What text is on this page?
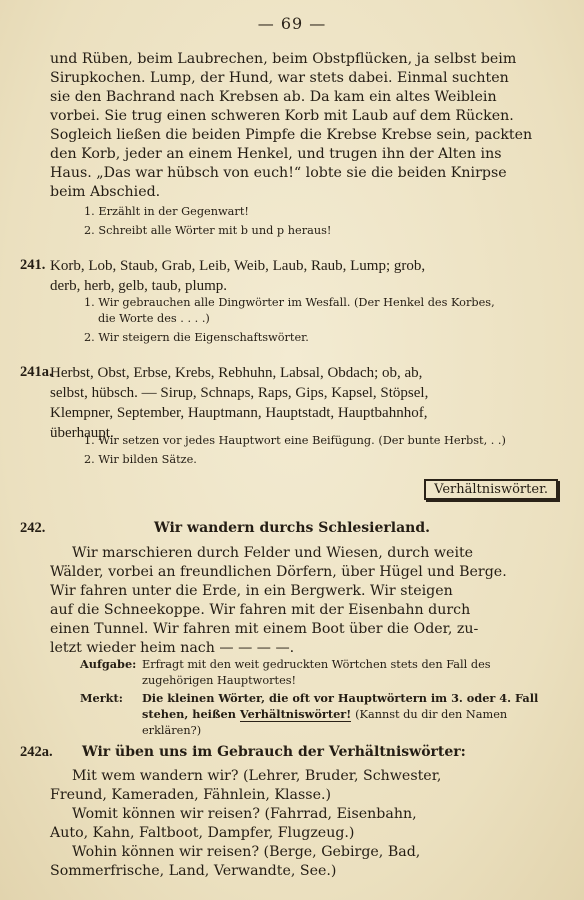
— 69 —

und Rüben, beim Laubrechen, beim Obstpflücken, ja selbst beim
Sirupkochen. Lump, der Hund, war stets dabei. Einmal suchten
sie den Bachrand nach Krebsen ab. Da kam ein altes Weiblein
vorbei. Sie trug einen schweren Korb mit Laub auf dem Rücken.
Sogleich ließen die beiden Pimpfe die Krebse Krebse sein, packten
den Korb, jeder an einem Henkel, und trugen ihn der Alten ins
Haus. „Das war hübsch von euch!“ lobte sie die beiden Knirpse
beim Abschied.

1. Erzählt in der Gegenwart!
2. Schreibt alle Wörter mit b und p heraus!
241. Korb, Lob, Staub, Grab, Leib, Weib, Laub, Raub, Lump; grob,
derb, herb, gelb, taub, plump.
1. Wir gebrauchen alle Dingwörter im Wesfall. (Der Henkel des Korbes,
die Worte des . . . .)
2. Wir steigern die Eigenschaftswörter.
241a.
Herbst, Obst, Erbse, Krebs, Rebhuhn, Labsal, Obdach; ob, ab,
selbst, hübsch. — Sirup, Schnaps, Raps, Gips, Kapsel, Stöpsel,
Klempner, September, Hauptmann, Hauptstadt, Hauptbahnhof,
überhaupt.
1. Wir setzen vor jedes Hauptwort eine Beifügung. (Der bunte Herbst, . .)
2. Wir bilden Sätze.
Verhältniswörter.
242.	Wir wandern durchs Schlesierland.

Wir marschieren durch Felder und Wiesen, durch weite
Wälder, vorbei an freundlichen Dörfern, über Hügel und Berge.
Wir fahren unter die Erde, in ein Bergwerk. Wir steigen
auf die Schneekoppe. Wir fahren mit der Eisenbahn durch
einen Tunnel. Wir fahren mit einem Boot über die Oder, zu-
letzt wieder heim nach — — — —.

Aufgabe: Erfragt mit den weit gedruckten Wörtchen stets den Fall des
zugehörigen Hauptwortes!
Merkt: Die kleinen Wörter, die oft vor Hauptwörtern im 3. oder 4. Fall
stehen, heißen Verhältniswörter! (Kannst du dir den Namen
erklären?)
242a. Wir üben uns im Gebrauch der Verhältniswörter:

Mit wem wandern wir? (Lehrer, Bruder, Schwester,
Freund, Kameraden, Fähnlein, Klasse.)
Womit können wir reisen? (Fahrrad, Eisenbahn,
Auto, Kahn, Faltboot, Dampfer, Flugzeug.)
Wohin können wir reisen? (Berge, Gebirge, Bad,
Sommerfrische, Land, Verwandte, See.)
